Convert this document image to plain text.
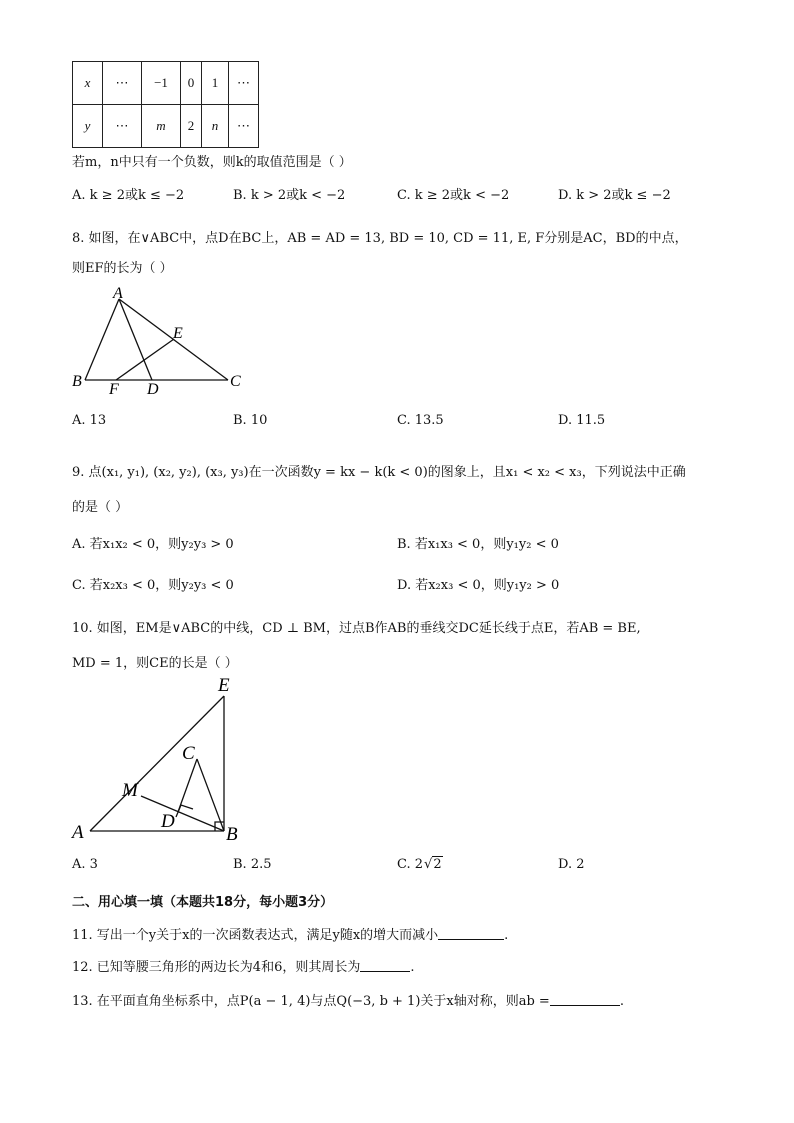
x	⋯	−1	0	1	⋯
y	⋯	m	2	n	⋯
若m，n中只有一个负数，则k的取值范围是（ ）
A. k ≥ 2或k ≤ −2	B. k > 2或k < −2	C. k ≥ 2或k < −2	D. k > 2或k ≤ −2
8. 如图，在∨ABC中，点D在BC上，AB = AD = 13, BD = 10, CD = 11, E, F分别是AC，BD的中点，
则EF的长为（ ）
A
B	C
D
E
F
A. 13	B. 10	C. 13.5	D. 11.5
9. 点(x₁, y₁), (x₂, y₂), (x₃, y₃)在一次函数y = kx − k(k < 0)的图象上，且x₁ < x₂ < x₃，下列说法中正确
的是（ ）
A. 若x₁x₂ < 0，则y₂y₃ > 0	B. 若x₁x₃ < 0，则y₁y₂ < 0
C. 若x₂x₃ < 0，则y₂y₃ < 0	D. 若x₂x₃ < 0，则y₁y₂ > 0
10. 如图，EM是∨ABC的中线，CD ⊥ BM，过点B作AB的垂线交DC延长线于点E，若AB = BE,
MD = 1，则CE的长是（ ）
E
C
M
D
A	B
A. 3	B. 2.5	C. 2√2	D. 2
二、用心填一填（本题共18分，每小题3分）
11. 写出一个y关于x的一次函数表达式，满足y随x的增大而减小	.
12. 已知等腰三角形的两边长为4和6，则其周长为	.
13. 在平面直角坐标系中，点P(a − 1, 4)与点Q(−3, b + 1)关于x轴对称，则ab =	.
